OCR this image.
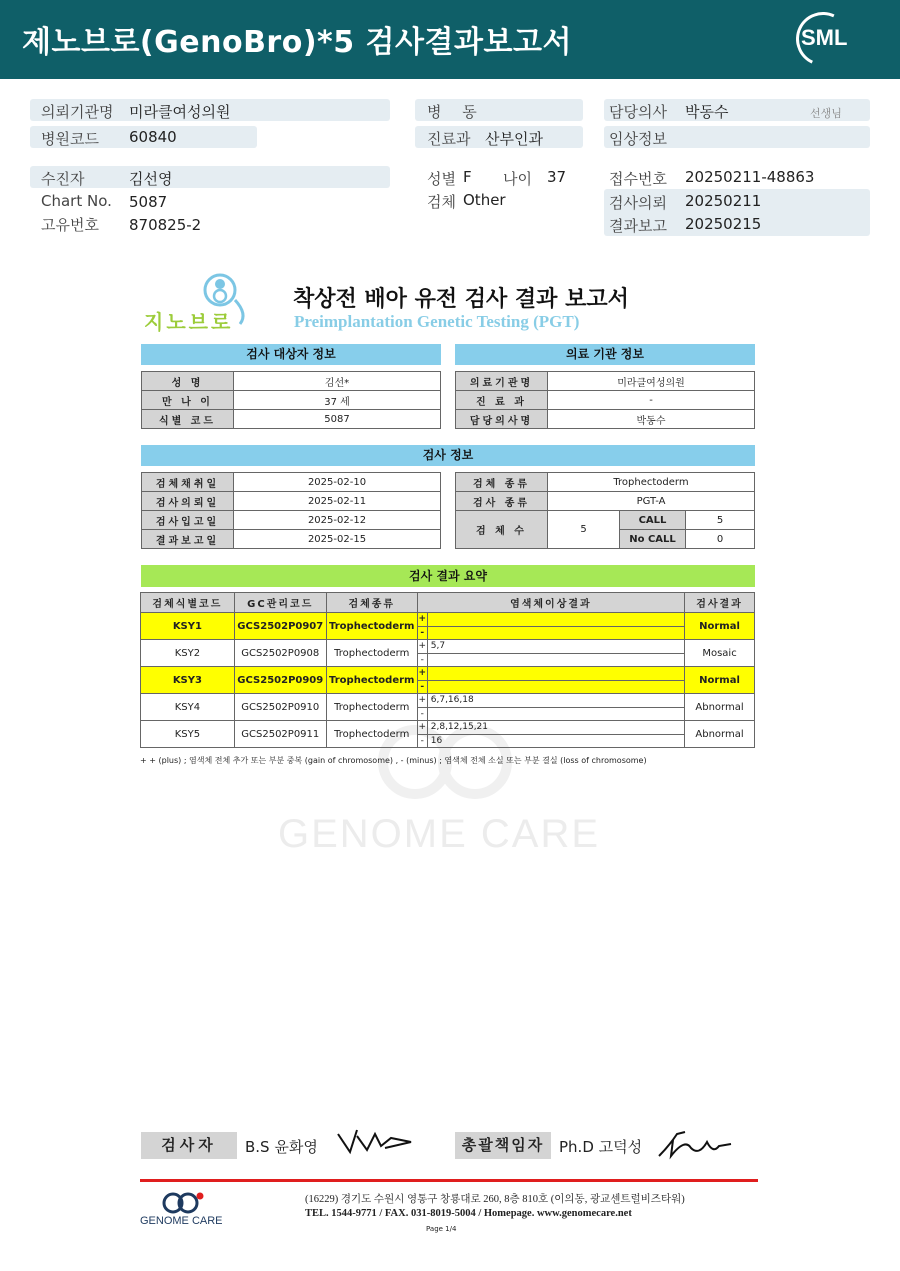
제노브로(GenoBro)*5 검사결과보고서	SML
의뢰기관명 미라클여성의원
병원코드 60840
병 동
진료과 산부인과
담당의사 박동수	선생님
임상정보
수진자	김선영
Chart No. 5087
고유번호 870825-2
성별 F 나이 37
검체 Other
접수번호 20250211-48863
검사의뢰 20250211
결과보고 20250215
지노브로
착상전 배아 유전 검사 결과 보고서
Preimplantation Genetic Testing (PGT)
검사 대상자 정보
성 명	김선*
만 나 이	37 세
식별 코드	5087
의료 기관 정보
의료기관명	미라클여성의원
진 료 과	-
담당의사명	박동수
검사 정보
검체채취일	2025-02-10
검사의뢰일	2025-02-11
검사입고일	2025-02-12
결과보고일	2025-02-15
검체 종류	Trophectoderm		
검사 종류	PGT-A		
검 체 수	5	CALL	5
		No CALL	0
GENOME CARE
검사 결과 요약
검체식별코드	GC관리코드	검체종류	염색체이상결과	검사결과
KSY1	GCS2502P0907	Trophectoderm	+
-	Normal
KSY2	GCS2502P0908	Trophectoderm	+ 5,7
-	Mosaic
KSY3	GCS2502P0909	Trophectoderm	+
-	Normal
KSY4	GCS2502P0910	Trophectoderm	+ 6,7,16,18
-	Abnormal
KSY5	GCS2502P0911	Trophectoderm	+ 2,8,12,15,21
- 16	Abnormal
+ + (plus) ; 염색체 전체 추가 또는 부분 중복 (gain of chromosome) , - (minus) ; 염색체 전체 소실 또는 부분 결실 (loss of chromosome)
검사자	B.S 윤화영	총괄책임자 Ph.D 고덕성
GENOME CARE
(16229) 경기도 수원시 영통구 창룡대로 260, 8층 810호 (이의동, 광교센트럴비즈타워)
TEL. 1544-9771 / FAX. 031-8019-5004 / Homepage. www.genomecare.net
Page 1/4
